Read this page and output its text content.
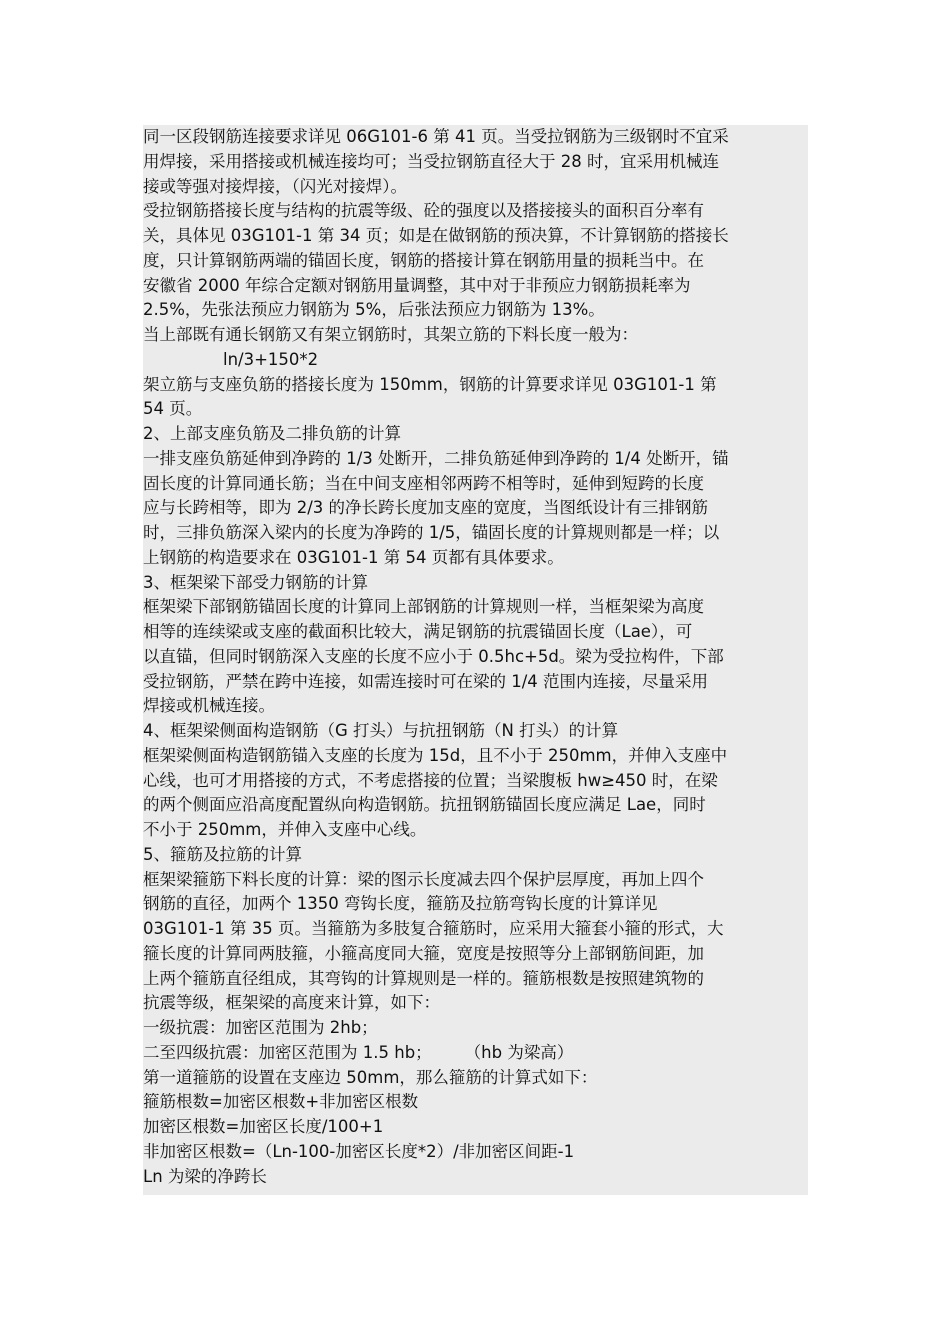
同一区段钢筋连接要求详见 06G101-6 第 41 页。当受拉钢筋为三级钢时不宜采
用焊接，采用搭接或机械连接均可；当受拉钢筋直径大于 28 时，宜采用机械连
接或等强对接焊接，（闪光对接焊）。
受拉钢筋搭接长度与结构的抗震等级、砼的强度以及搭接接头的面积百分率有
关，具体见 03G101-1 第 34 页；如是在做钢筋的预决算，不计算钢筋的搭接长
度，只计算钢筋两端的锚固长度，钢筋的搭接计算在钢筋用量的损耗当中。在
安徽省 2000 年综合定额对钢筋用量调整，其中对于非预应力钢筋损耗率为
2.5%，先张法预应力钢筋为 5%，后张法预应力钢筋为 13%。
当上部既有通长钢筋又有架立钢筋时，其架立筋的下料长度一般为：
ln/3+150*2
架立筋与支座负筋的搭接长度为 150mm，钢筋的计算要求详见 03G101-1 第
54 页。
2、上部支座负筋及二排负筋的计算
一排支座负筋延伸到净跨的 1/3 处断开，二排负筋延伸到净跨的 1/4 处断开，锚
固长度的计算同通长筋；当在中间支座相邻两跨不相等时，延伸到短跨的长度
应与长跨相等，即为 2/3 的净长跨长度加支座的宽度，当图纸设计有三排钢筋
时，三排负筋深入梁内的长度为净跨的 1/5，锚固长度的计算规则都是一样；以
上钢筋的构造要求在 03G101-1 第 54 页都有具体要求。
3、框架梁下部受力钢筋的计算
框架梁下部钢筋锚固长度的计算同上部钢筋的计算规则一样，当框架梁为高度
相等的连续梁或支座的截面积比较大，满足钢筋的抗震锚固长度（Lae），可
以直锚，但同时钢筋深入支座的长度不应小于 0.5hc+5d。梁为受拉构件，下部
受拉钢筋，严禁在跨中连接，如需连接时可在梁的 1/4 范围内连接，尽量采用
焊接或机械连接。
4、框架梁侧面构造钢筋（G 打头）与抗扭钢筋（N 打头）的计算
框架梁侧面构造钢筋锚入支座的长度为 15d，且不小于 250mm，并伸入支座中
心线，也可才用搭接的方式，不考虑搭接的位置；当梁腹板 hw≥450 时，在梁
的两个侧面应沿高度配置纵向构造钢筋。抗扭钢筋锚固长度应满足 Lae，同时
不小于 250mm，并伸入支座中心线。
5、箍筋及拉筋的计算
框架梁箍筋下料长度的计算：梁的图示长度减去四个保护层厚度，再加上四个
钢筋的直径，加两个 1350 弯钩长度，箍筋及拉筋弯钩长度的计算详见
03G101-1 第 35 页。当箍筋为多肢复合箍筋时，应采用大箍套小箍的形式，大
箍长度的计算同两肢箍，小箍高度同大箍，宽度是按照等分上部钢筋间距，加
上两个箍筋直径组成，其弯钩的计算规则是一样的。箍筋根数是按照建筑物的
抗震等级，框架梁的高度来计算，如下：
一级抗震：加密区范围为 2hb；
二至四级抗震：加密区范围为 1.5 hb；　　　（hb 为梁高）
第一道箍筋的设置在支座边 50mm，那么箍筋的计算式如下：
箍筋根数=加密区根数+非加密区根数
加密区根数=加密区长度/100+1
非加密区根数=（Ln-100-加密区长度*2）/非加密区间距-1
Ln 为梁的净跨长
